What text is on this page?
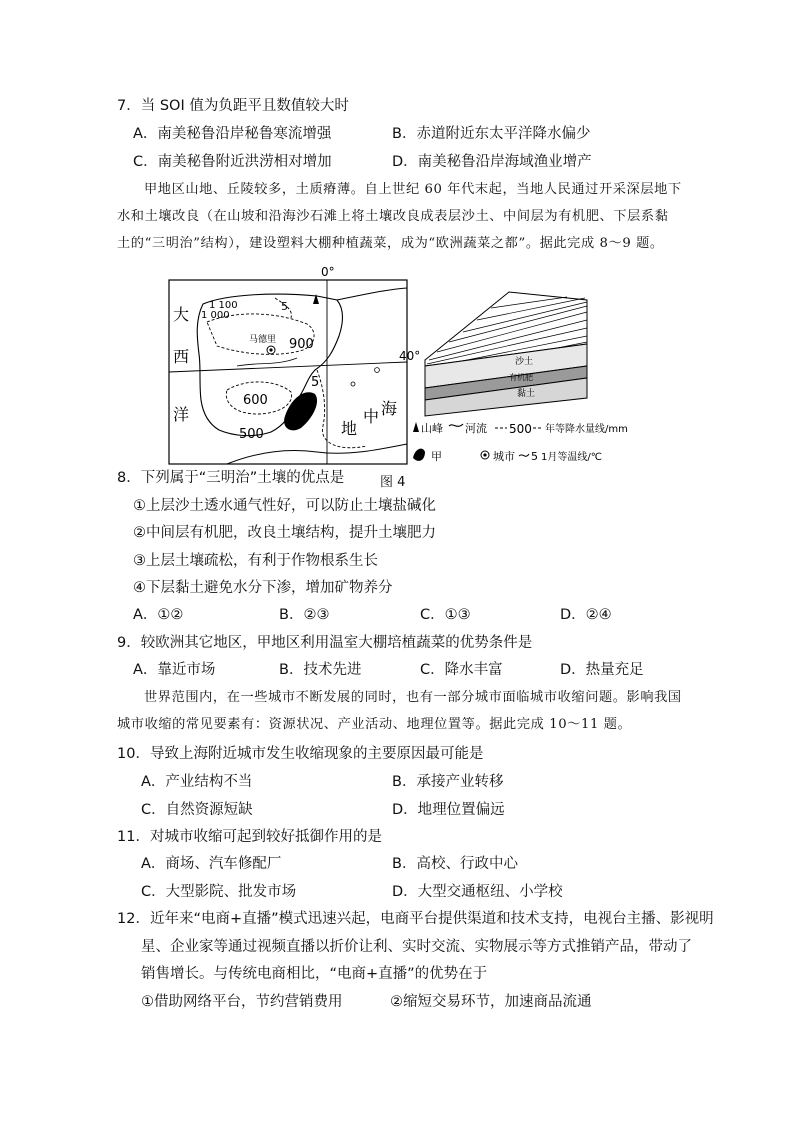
7．当 SOI 值为负距平且数值较大时
A．南美秘鲁沿岸秘鲁寒流增强	B．赤道附近东太平洋降水偏少
C．南美秘鲁附近洪涝相对增加	D．南美秘鲁沿岸海域渔业增产
甲地区山地、丘陵较多，土质瘠薄。自上世纪 60 年代末起，当地人民通过开采深层地下
水和土壤改良（在山坡和沿海沙石滩上将土壤改良成表层沙土、中间层为有机肥、下层系黏
土的“三明治”结构），建设塑料大棚种植蔬菜，成为“欧洲蔬菜之都”。据此完成 8～9 题。
0°
40°
大
西
洋
地
中 海
1 100
1 000
5
900
5
600
500
马德里
沙土
有机肥
黏土
山峰 河流 500 年等降水量线/mm
甲	城市 5 1月等温线/℃
图 4
8．下列属于“三明治”土壤的优点是
①上层沙土透水通气性好，可以防止土壤盐碱化
②中间层有机肥，改良土壤结构，提升土壤肥力
③上层土壤疏松，有利于作物根系生长
④下层黏土避免水分下渗，增加矿物养分
A．①②	B．②③	C．①③	D．②④
9．较欧洲其它地区，甲地区利用温室大棚培植蔬菜的优势条件是
A．靠近市场	B．技术先进	C．降水丰富	D．热量充足
世界范围内，在一些城市不断发展的同时，也有一部分城市面临城市收缩问题。影响我国
城市收缩的常见要素有：资源状况、产业活动、地理位置等。据此完成 10～11 题。
10．导致上海附近城市发生收缩现象的主要原因最可能是
A．产业结构不当	B．承接产业转移
C．自然资源短缺	D．地理位置偏远
11．对城市收缩可起到较好抵御作用的是
A．商场、汽车修配厂	B．高校、行政中心
C．大型影院、批发市场	D．大型交通枢纽、小学校
12．近年来“电商+直播”模式迅速兴起，电商平台提供渠道和技术支持，电视台主播、影视明
星、企业家等通过视频直播以折价让利、实时交流、实物展示等方式推销产品，带动了
销售增长。与传统电商相比，“电商+直播”的优势在于
①借助网络平台，节约营销费用	②缩短交易环节，加速商品流通
